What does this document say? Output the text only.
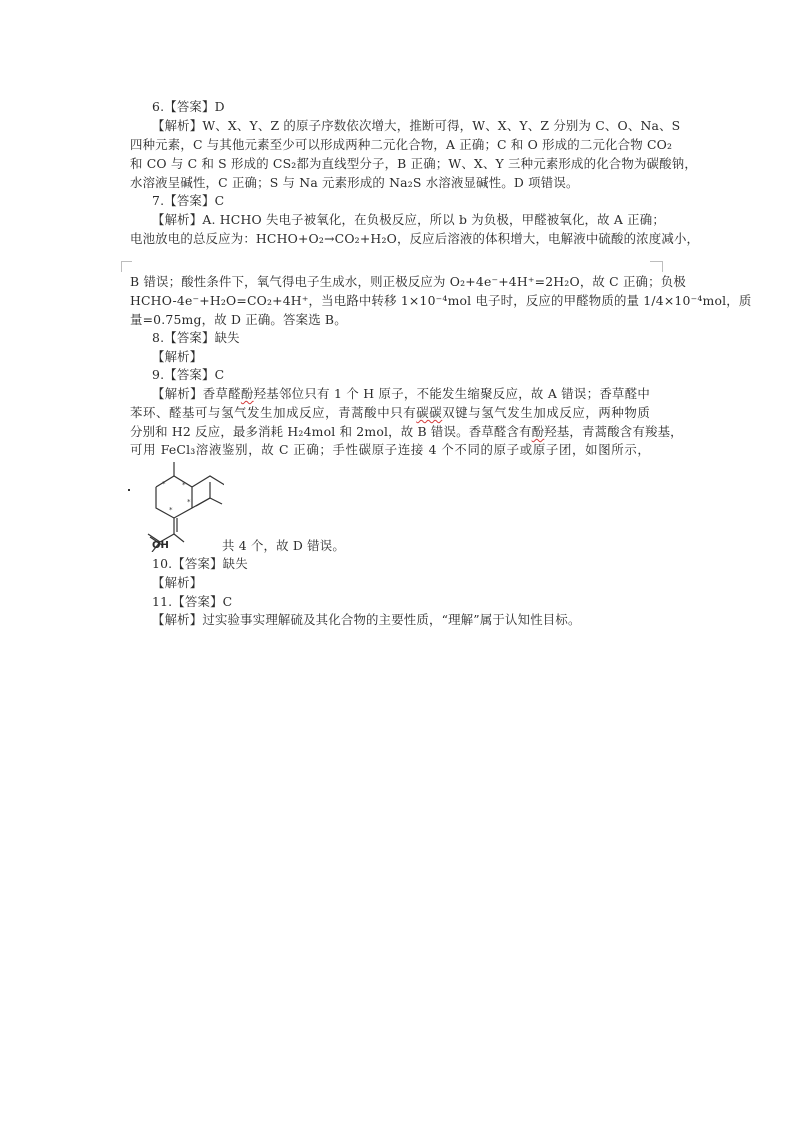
6.【答案】D
【解析】W、X、Y、Z 的原子序数依次增大，推断可得，W、X、Y、Z 分别为 C、O、Na、S
四种元素，C 与其他元素至少可以形成两种二元化合物，A 正确；C 和 O 形成的二元化合物 CO₂
和 CO 与 C 和 S 形成的 CS₂都为直线型分子，B 正确；W、X、Y 三种元素形成的化合物为碳酸钠，
水溶液呈碱性，C 正确；S 与 Na 元素形成的 Na₂S 水溶液显碱性。D 项错误。
7.【答案】C
【解析】A. HCHO 失电子被氧化，在负极反应，所以 b 为负极，甲醛被氧化，故 A 正确；
电池放电的总反应为：HCHO+O₂→CO₂+H₂O，反应后溶液的体积增大，电解液中硫酸的浓度减小，
B 错误；酸性条件下，氧气得电子生成水，则正极反应为 O₂+4e⁻+4H⁺=2H₂O，故 C 正确；负极
HCHO-4e⁻+H₂O=CO₂+4H⁺，当电路中转移 1×10⁻⁴mol 电子时，反应的甲醛物质的量 1/4×10⁻⁴mol，质
量=0.75mg，故 D 正确。答案选 B。
8.【答案】缺失
【解析】
9.【答案】C
【解析】香草醛酚羟基邻位只有 1 个 H 原子，不能发生缩聚反应，故 A 错误；香草醛中
苯环、醛基可与氢气发生加成反应，青蒿酸中只有碳碳双键与氢气发生加成反应，两种物质
分别和 H2 反应，最多消耗 H₂4mol 和 2mol，故 B 错误。香草醛含有酚羟基，青蒿酸含有羧基，
可用 FeCl₃溶液鉴别，故 C 正确；手性碳原子连接 4 个不同的原子或原子团，如图所示，
* *
*
*
OH	共 4 个，故 D 错误。
10.【答案】缺失
【解析】
11.【答案】C
【解析】过实验事实理解硫及其化合物的主要性质，“理解”属于认知性目标。
